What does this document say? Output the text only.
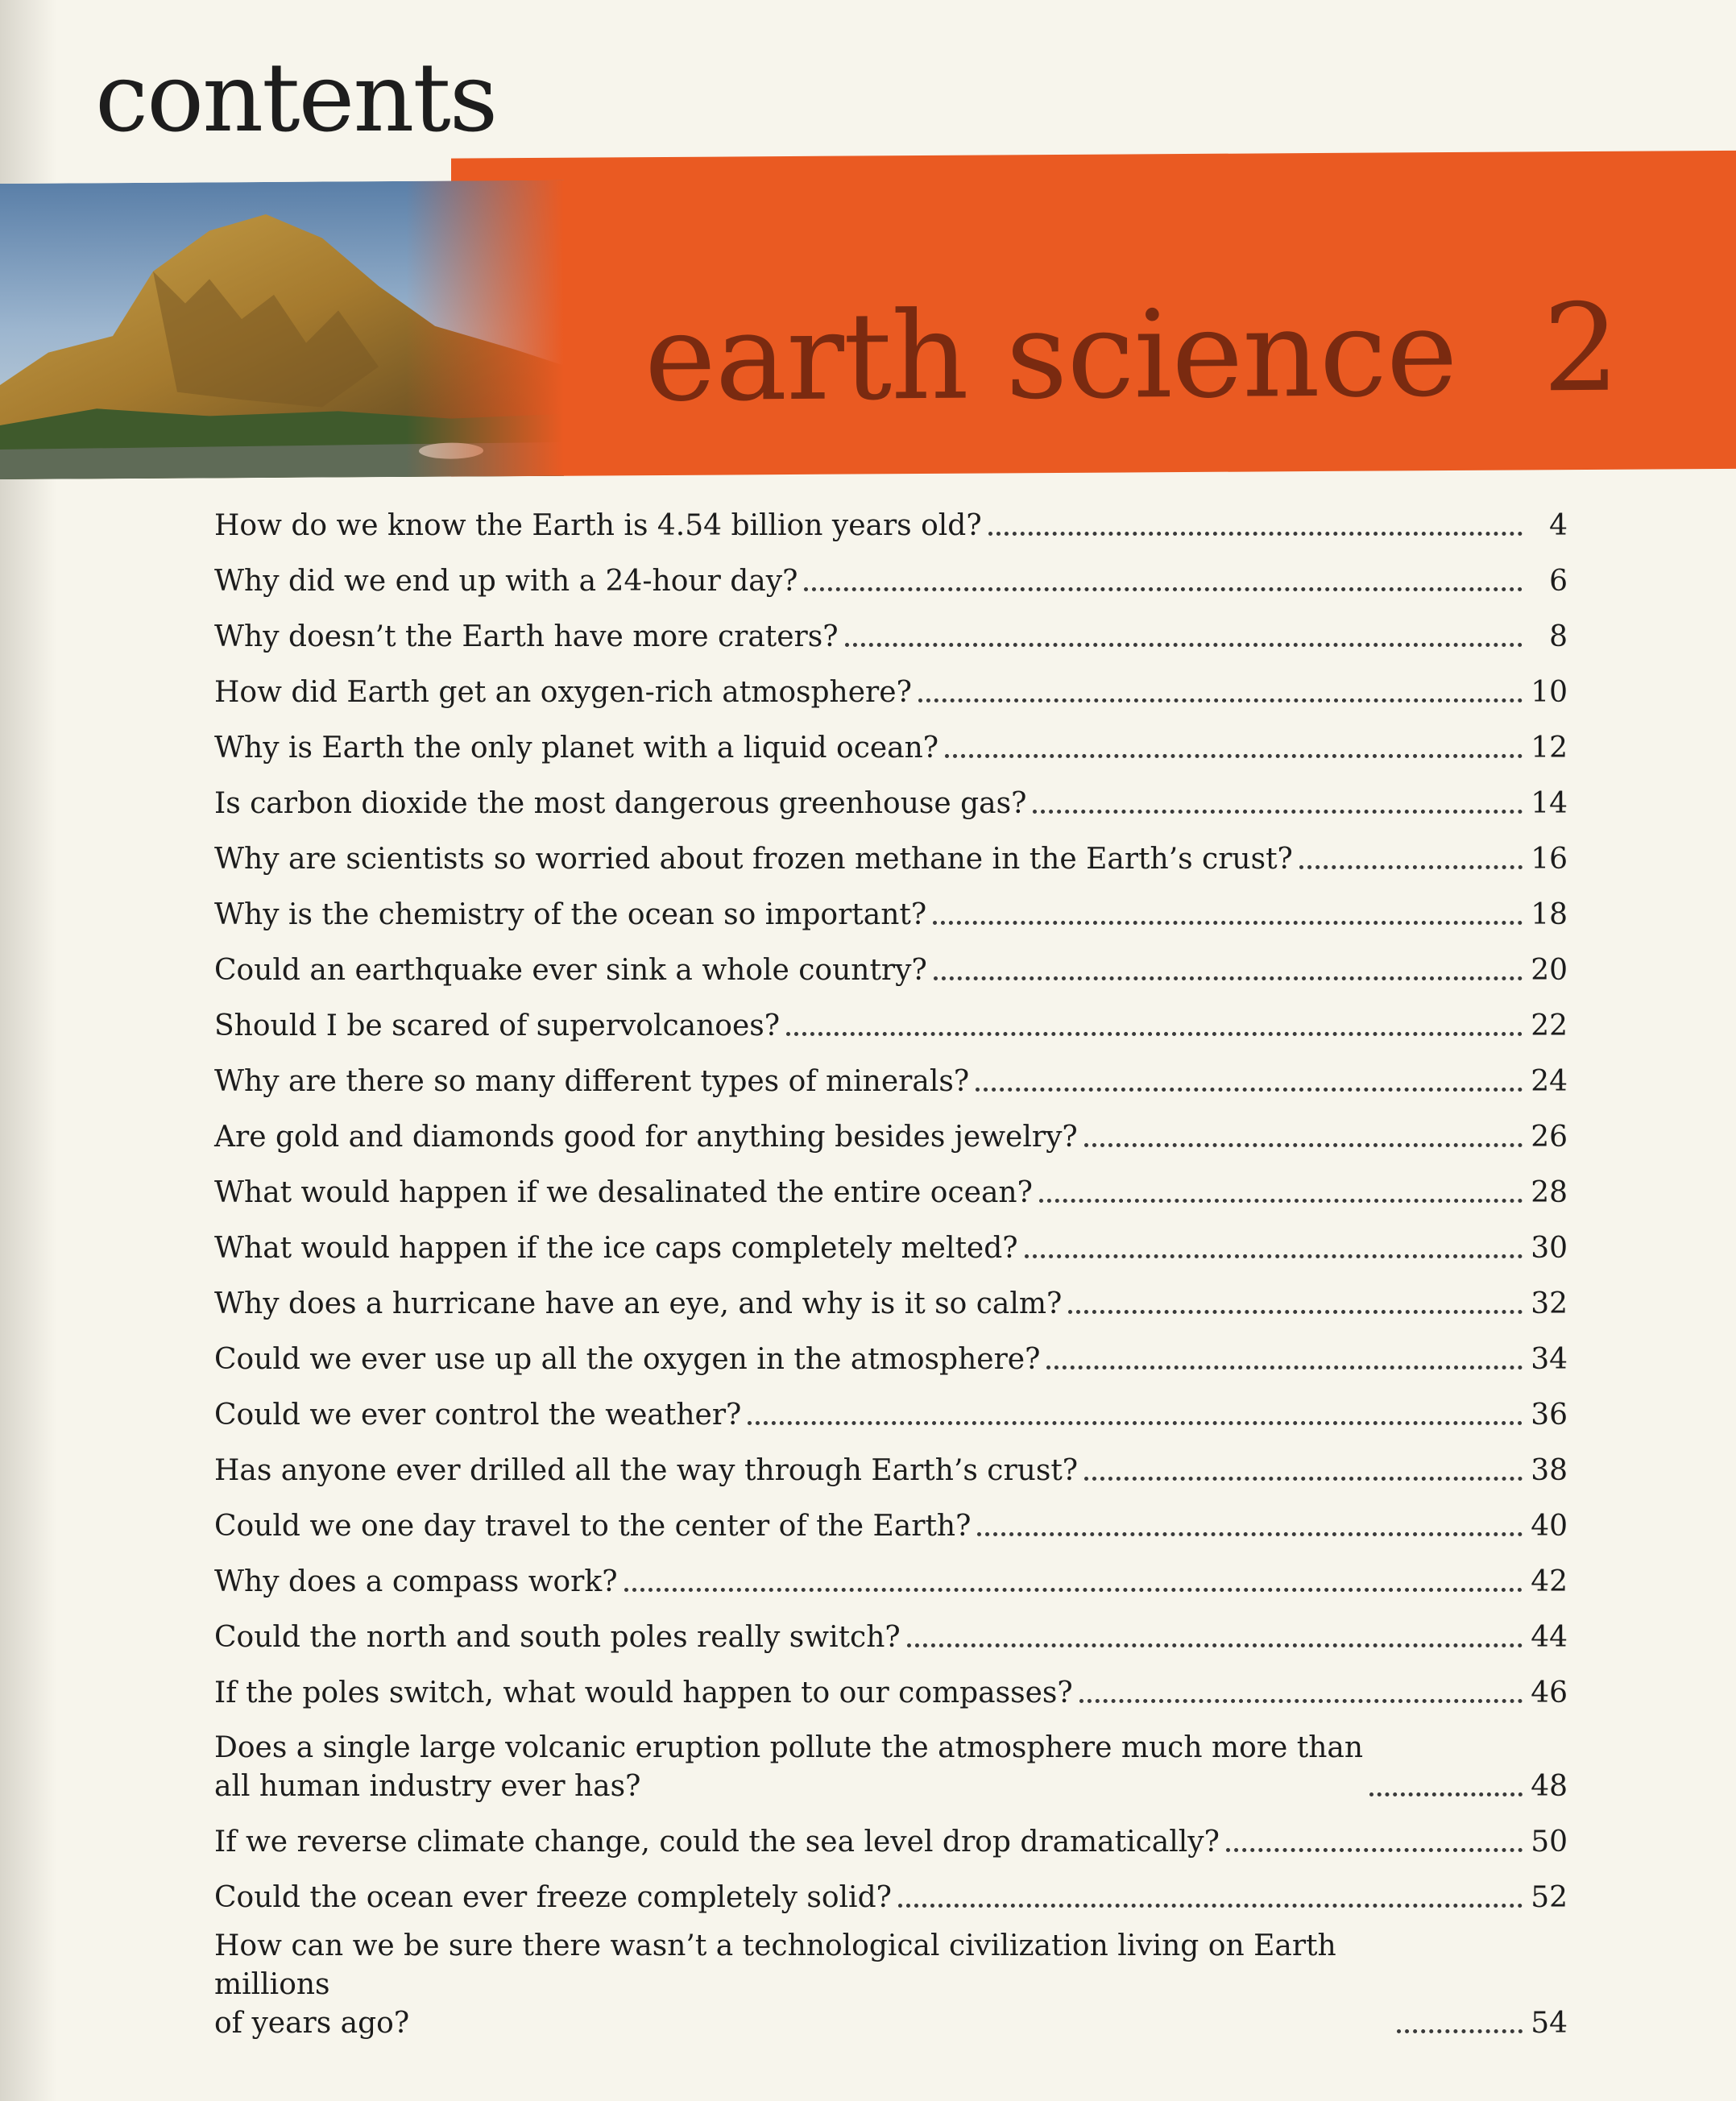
contents
earth science 2
How do we know the Earth is 4.54 billion years old?	4
Why did we end up with a 24-hour day?	6
Why doesn’t the Earth have more craters?	8
How did Earth get an oxygen-rich atmosphere?	10
Why is Earth the only planet with a liquid ocean?	12
Is carbon dioxide the most dangerous greenhouse gas?	14
Why are scientists so worried about frozen methane in the Earth’s crust?	16
Why is the chemistry of the ocean so important?	18
Could an earthquake ever sink a whole country?	20
Should I be scared of supervolcanoes?	22
Why are there so many different types of minerals?	24
Are gold and diamonds good for anything besides jewelry?	26
What would happen if we desalinated the entire ocean?	28
What would happen if the ice caps completely melted?	30
Why does a hurricane have an eye, and why is it so calm?	32
Could we ever use up all the oxygen in the atmosphere?	34
Could we ever control the weather?	36
Has anyone ever drilled all the way through Earth’s crust?	38
Could we one day travel to the center of the Earth?	40
Why does a compass work?	42
Could the north and south poles really switch?	44
If the poles switch, what would happen to our compasses?	46
Does a single large volcanic eruption pollute the atmosphere much more than
all human industry ever has?	48
If we reverse climate change, could the sea level drop dramatically?	50
Could the ocean ever freeze completely solid?	52
How can we be sure there wasn’t a technological civilization living on Earth millions
of years ago?	54
